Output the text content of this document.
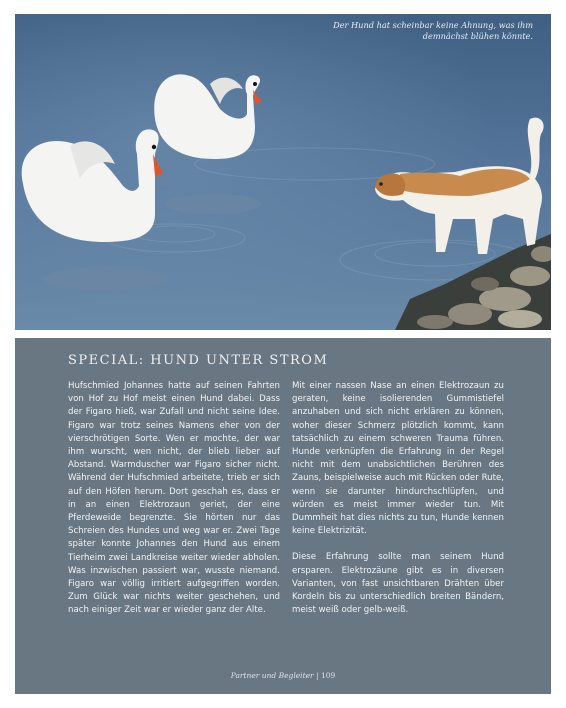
Der Hund hat scheinbar keine Ahnung, was ihm demnächst blühen könnte.
SPECIAL: HUND UNTER STROM

Hufschmied Johannes hatte auf seinen Fahrten von Hof zu Hof meist einen Hund dabei. Dass der Figaro hieß, war Zufall und nicht seine Idee. Figaro war trotz seines Namens eher von der vierschrötigen Sorte. Wen er mochte, der war ihm wurscht, wen nicht, der blieb lieber auf Abstand. Warmduscher war Figaro sicher nicht. Während der Hufschmied arbeitete, trieb er sich auf den Höfen herum. Dort geschah es, dass er in an einen Elektrozaun geriet, der eine Pferdeweide begrenzte. Sie hörten nur das Schreien des Hundes und weg war er. Zwei Tage später konnte Johannes den Hund aus einem Tierheim zwei Landkreise weiter wieder abholen. Was inzwischen passiert war, wusste niemand. Figaro war völlig irritiert aufgegriffen worden. Zum Glück war nichts weiter geschehen, und nach einiger Zeit war er wieder ganz der Alte.

Mit einer nassen Nase an einen Elektrozaun zu geraten, keine isolierenden Gummistiefel anzuhaben und sich nicht erklären zu können, woher dieser Schmerz plötzlich kommt, kann tatsächlich zu einem schweren Trauma führen. Hunde verknüpfen die Erfahrung in der Regel nicht mit dem unabsichtlichen Berühren des Zauns, beispielweise auch mit Rücken oder Rute, wenn sie darunter hindurchschlüpfen, und würden es meist immer wieder tun. Mit Dummheit hat dies nichts zu tun, Hunde kennen keine Elektrizität.

Diese Erfahrung sollte man seinem Hund ersparen. Elektrozäune gibt es in diversen Varianten, von fast unsichtbaren Drähten über Kordeln bis zu unterschiedlich breiten Bändern, meist weiß oder gelb-weiß.

Partner und Begleiter | 109
